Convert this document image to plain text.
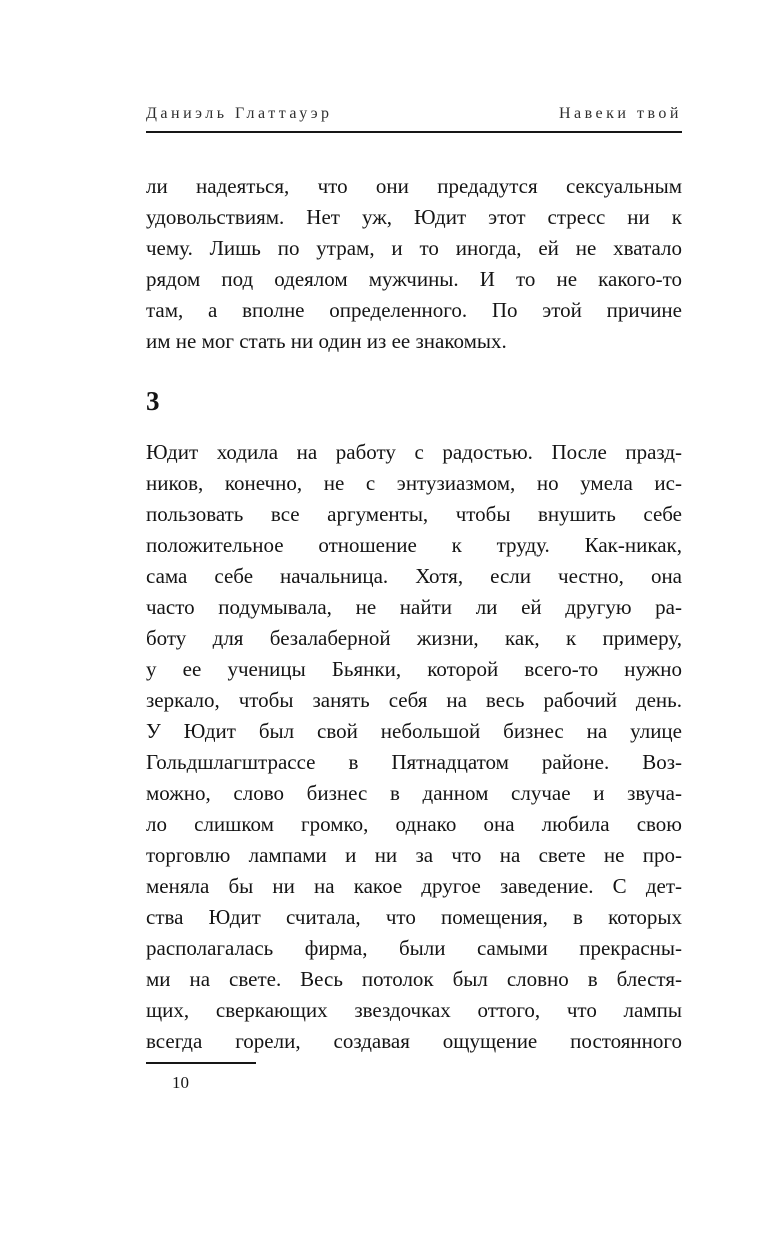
Даниэль Глаттауэр	Навеки твой
ли надеяться, что они предадутся сексуальным
удовольствиям. Нет уж, Юдит этот стресс ни к
чему. Лишь по утрам, и то иногда, ей не хватало
рядом под одеялом мужчины. И то не какого-то
там, а вполне определенного. По этой причине
им не мог стать ни один из ее знакомых.
3
Юдит ходила на работу с радостью. После празд-
ников, конечно, не с энтузиазмом, но умела ис-
пользовать все аргументы, чтобы внушить себе
положительное отношение к труду. Как-никак,
сама себе начальница. Хотя, если честно, она
часто подумывала, не найти ли ей другую ра-
боту для безалаберной жизни, как, к примеру,
у ее ученицы Бьянки, которой всего-то нужно
зеркало, чтобы занять себя на весь рабочий день.
У Юдит был свой небольшой бизнес на улице
Гольдшлагштрассе в Пятнадцатом районе. Воз-
можно, слово бизнес в данном случае и звуча-
ло слишком громко, однако она любила свою
торговлю лампами и ни за что на свете не про-
меняла бы ни на какое другое заведение. С дет-
ства Юдит считала, что помещения, в которых
располагалась фирма, были самыми прекрасны-
ми на свете. Весь потолок был словно в блестя-
щих, сверкающих звездочках оттого, что лампы
всегда горели, создавая ощущение постоянного
10
